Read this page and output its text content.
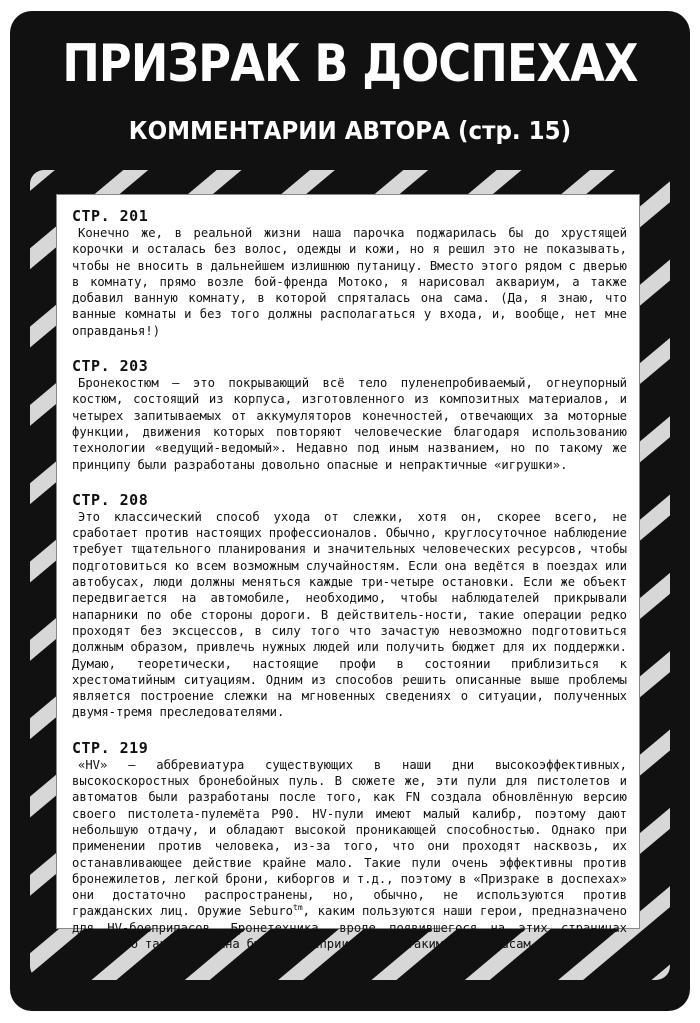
ПРИЗРАК В ДОСПЕХАХ
КОММЕНТАРИИ АВТОРА (стр. 15)
СТР. 201

Конечно же, в реальной жизни наша парочка поджарилась бы до хрустящей корочки и осталась без волос, одежды и кожи, но я решил это не показывать, чтобы не вносить в дальнейшем излишнюю путаницу. Вместо этого рядом с дверью в комнату, прямо возле бой-френда Мотоко, я нарисовал аквариум, а также добавил ванную комнату, в которой спряталась она сама. (Да, я знаю, что ванные комнаты и без того должны располагаться у входа, и, вообще, нет мне оправданья!)

СТР. 203

Бронекостюм – это покрывающий всё тело пуленепробиваемый, огнеупорный костюм, состоящий из корпуса, изготовленного из композитных материалов, и четырех запитываемых от аккумуляторов конечностей, отвечающих за моторные функции, движения которых повторяют человеческие благодаря использованию технологии «ведущий-ведомый». Недавно под иным названием, но по такому же принципу были разработаны довольно опасные и непрактичные «игрушки».

СТР. 208

Это классический способ ухода от слежки, хотя он, скорее всего, не сработает против настоящих профессионалов. Обычно, круглосуточное наблюдение требует тщательного планирования и значительных человеческих ресурсов, чтобы подготовиться ко всем возможным случайностям. Если она ведётся в поездах или автобусах, люди должны меняться каждые три-четыре остановки. Если же объект передвигается на автомобиле, необходимо, чтобы наблюдателей прикрывали напарники по обе стороны дороги. В действитель-ности, такие операции редко проходят без эксцессов, в силу того что зачастую невозможно подготовиться должным образом, привлечь нужных людей или получить бюджет для их поддержки. Думаю, теоретически, настоящие профи в состоянии приблизиться к хрестоматийным ситуациям. Одним из способов решить описанные выше проблемы является построение слежки на мгновенных сведениях о ситуации, полученных двумя-тремя преследователями.

СТР. 219

«HV» – аббревиатура существующих в наши дни высокоэффективных, высокоскоростных бронебойных пуль. В сюжете же, эти пули для пистолетов и автоматов были разработаны после того, как FN создала обновлённую версию своего пистолета-пулемёта P90. HV-пули имеют малый калибр, поэтому дают небольшую отдачу, и обладают высокой проникающей способностью. Однако при применении против человека, из-за того, что они проходят насквозь, их останавливающее действие крайне мало. Такие пули очень эффективны против бронежилетов, легкой брони, киборгов и т.д., поэтому в «Призраке в доспехах» они достаточно распространены, но, обычно, не используются против гражданских лиц. Оружие Seburo$^{tm}$, каким пользуются наши герои, предназначено для HV-боеприпасов. Бронетехника, вроде появившегося на этих страницах разумного танка, должна быть невосприимчива к таким боеприпасам.
